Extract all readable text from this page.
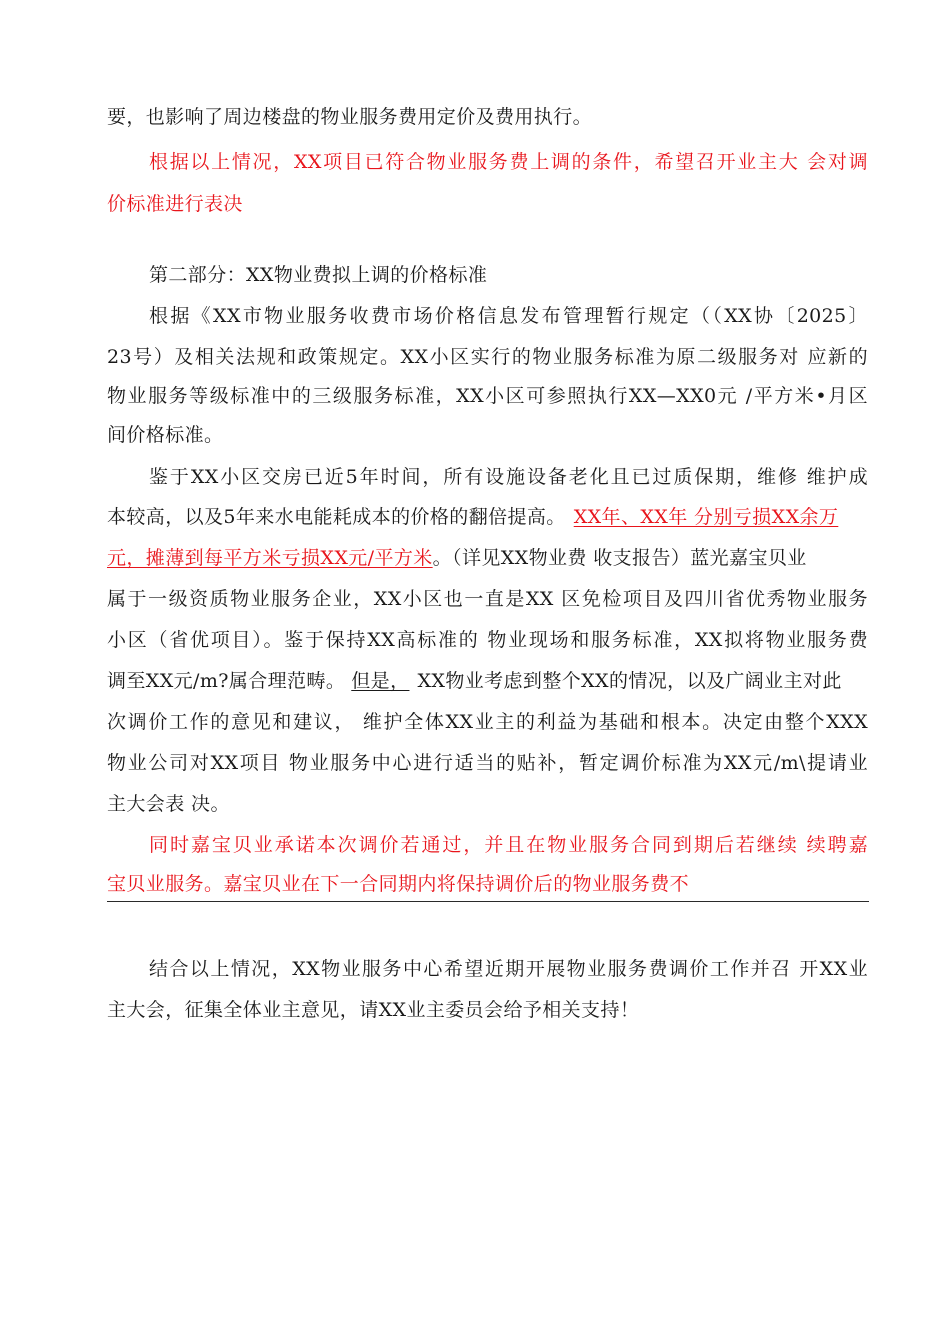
要，也影响了周边楼盘的物业服务费用定价及费用执行。
根据以上情况，XX项目已符合物业服务费上调的条件，希望召开业主大 会对调
价标准进行表决
第二部分：XX物业费拟上调的价格标准
根据《XX市物业服务收费市场价格信息发布管理暂行规定（（XX协〔2025〕
23号）及相关法规和政策规定。XX小区实行的物业服务标准为原二级服务对 应新的
物业服务等级标准中的三级服务标准，XX小区可参照执行XX—XX0元 /平方米•月区
间价格标准。
鉴于XX小区交房已近5年时间，所有设施设备老化且已过质保期，维修 维护成
本较高，以及5年来水电能耗成本的价格的翻倍提高。 XX年、XX年 分别亏损XX余万
元，摊薄到每平方米亏损XX元/平方米。（详见XX物业费 收支报告）蓝光嘉宝贝业
属于一级资质物业服务企业，XX小区也一直是XX 区免检项目及四川省优秀物业服务
小区（省优项目）。鉴于保持XX高标准的 物业现场和服务标准，XX拟将物业服务费
调至XX元/m?属合理范畴。 但是， XX物业考虑到整个XX的情况，以及广阔业主对此
次调价工作的意见和建议， 维护全体XX业主的利益为基础和根本。决定由整个XXX
物业公司对XX项目 物业服务中心进行适当的贴补，暂定调价标准为XX元/m\提请业
主大会表 决。
同时嘉宝贝业承诺本次调价若通过，并且在物业服务合同到期后若继续 续聘嘉
宝贝业服务。嘉宝贝业在下一合同期内将保持调价后的物业服务费不
结合以上情况，XX物业服务中心希望近期开展物业服务费调价工作并召 开XX业
主大会，征集全体业主意见，请XX业主委员会给予相关支持！
